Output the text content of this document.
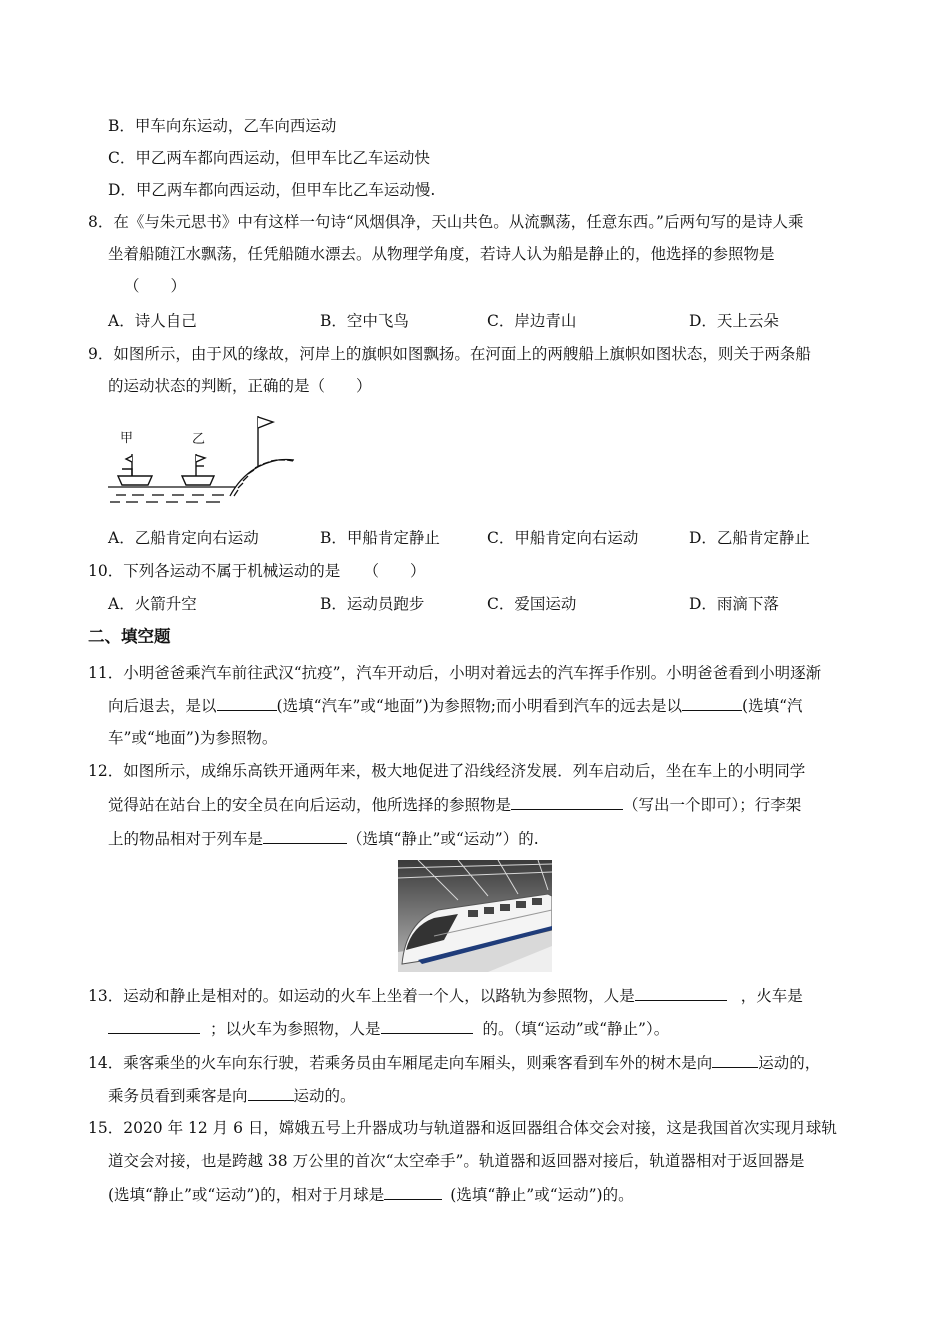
B．甲车向东运动，乙车向西运动
C．甲乙两车都向西运动，但甲车比乙车运动快
D．甲乙两车都向西运动，但甲车比乙车运动慢.
8．在《与朱元思书》中有这样一句诗“风烟俱净，天山共色。从流飘荡，任意东西。”后两句写的是诗人乘
坐着船随江水飘荡，任凭船随水漂去。从物理学角度，若诗人认为船是静止的，他选择的参照物是
（　　）
A．诗人自己	B．空中飞鸟	C．岸边青山	D．天上云朵
9．如图所示，由于风的缘故，河岸上的旗帜如图飘扬。在河面上的两艘船上旗帜如图状态，则关于两条船
的运动状态的判断，正确的是（　　）
甲	乙
A．乙船肯定向右运动	B．甲船肯定静止	C．甲船肯定向右运动	D．乙船肯定静止
10．下列各运动不属于机械运动的是　　（　　）
A．火箭升空	B．运动员跑步	C．爱国运动	D．雨滴下落
二、填空题
11．小明爸爸乘汽车前往武汉“抗疫”，汽车开动后，小明对着远去的汽车挥手作别。小明爸爸看到小明逐渐
向后退去，是以	(选填“汽车”或“地面”)为参照物;而小明看到汽车的远去是以	(选填“汽
车”或“地面”)为参照物。
12．如图所示，成绵乐高铁开通两年来，极大地促进了沿线经济发展．列车启动后，坐在车上的小明同学
觉得站在站台上的安全员在向后运动，他所选择的参照物是	（写出一个即可）；行李架
上的物品相对于列车是	（选填“静止”或“运动”）的.
13．运动和静止是相对的。如运动的火车上坐着一个人，以路轨为参照物，人是	，火车是
；以火车为参照物，人是	的。（填“运动”或“静止”）。
14．乘客乘坐的火车向东行驶，若乘务员由车厢尾走向车厢头，则乘客看到车外的树木是向	运动的，
乘务员看到乘客是向	运动的。
15．2020 年 12 月 6 日，嫦娥五号上升器成功与轨道器和返回器组合体交会对接，这是我国首次实现月球轨
道交会对接，也是跨越 38 万公里的首次“太空牵手”。轨道器和返回器对接后，轨道器相对于返回器是
(选填“静止”或“运动”)的，相对于月球是	(选填“静止”或“运动”)的。
